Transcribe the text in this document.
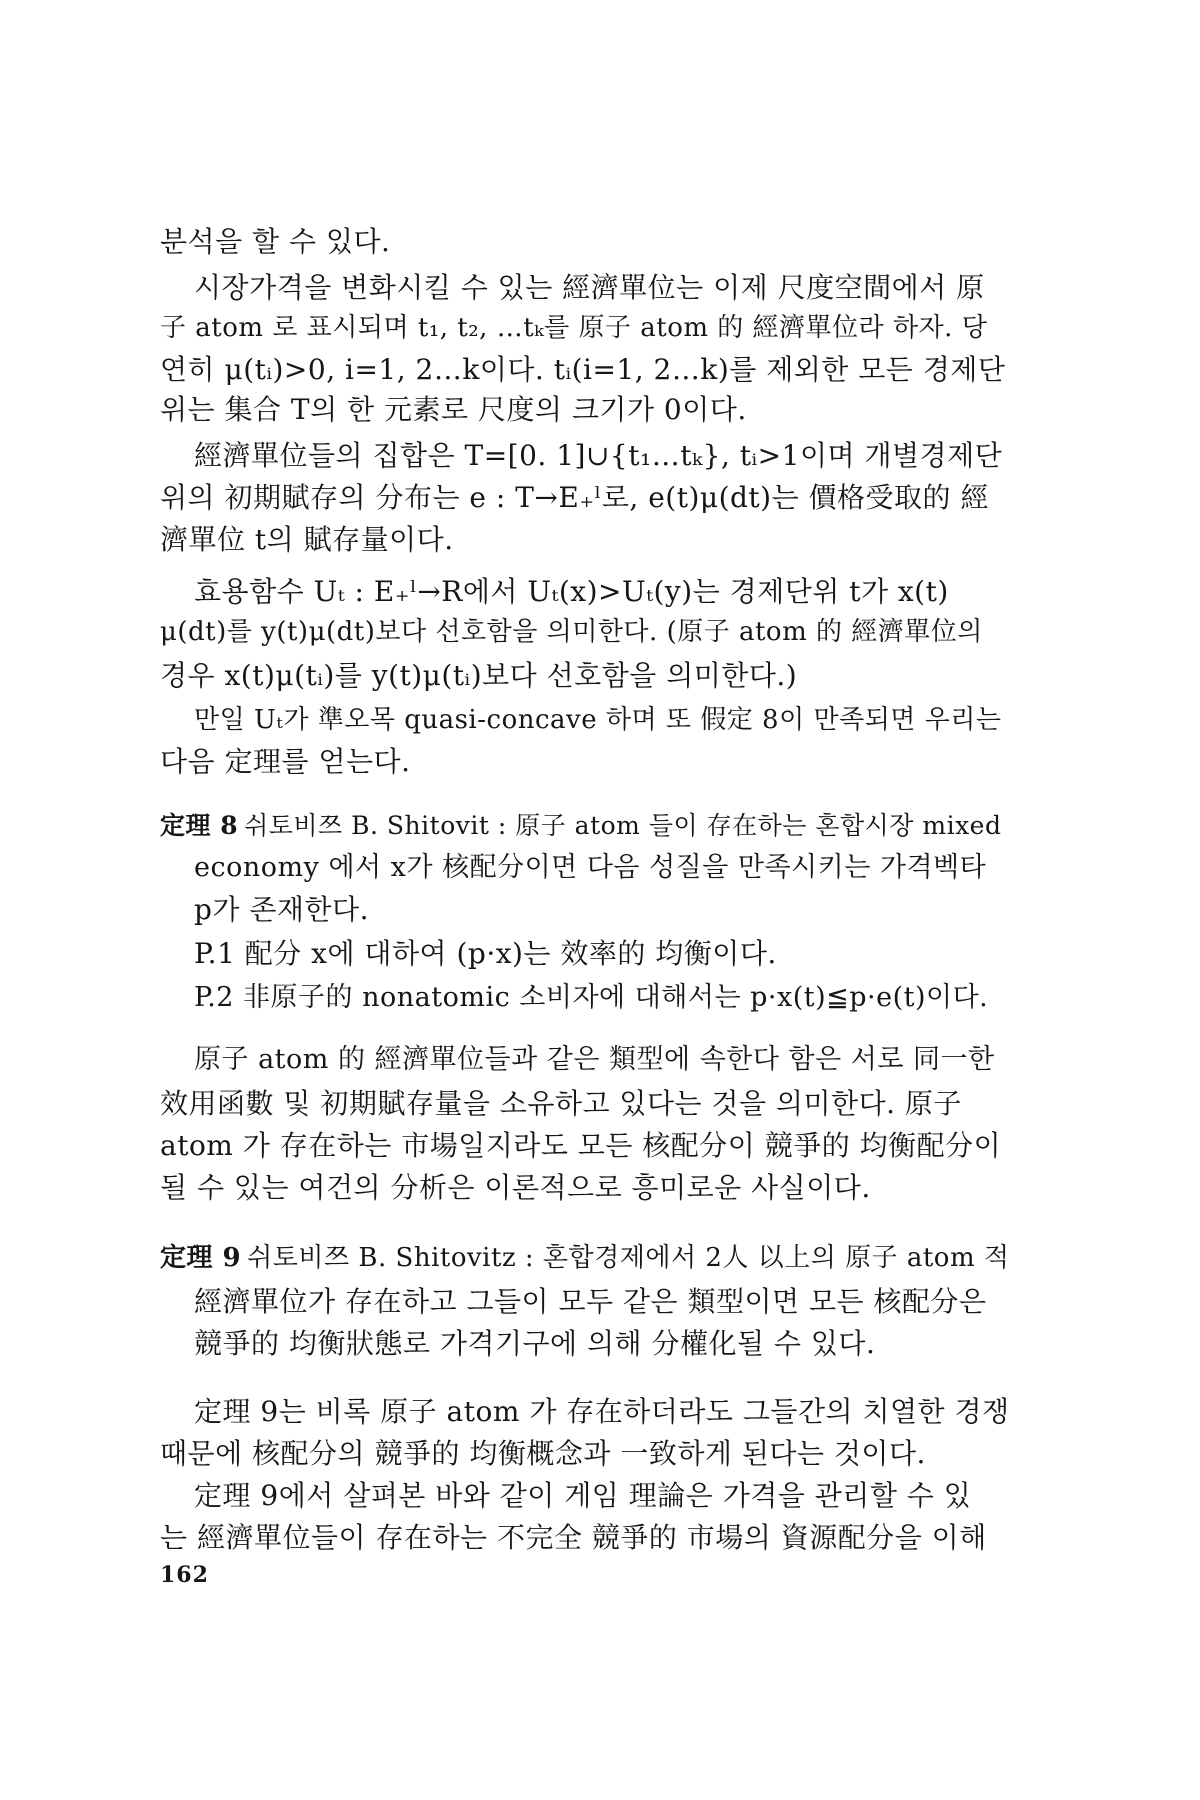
분석을 할 수 있다.
시장가격을 변화시킬 수 있는 經濟單位는 이제 尺度空間에서 原
子 atom 로 표시되며 t₁, t₂, …tₖ를 原子 atom 的 經濟單位라 하자. 당
연히 μ(tᵢ)>0, i=1, 2…k이다. tᵢ(i=1, 2…k)를 제외한 모든 경제단
위는 集合 T의 한 元素로 尺度의 크기가 0이다.
經濟單位들의 집합은 T=[0. 1]∪{t₁…tₖ}, tᵢ>1이며 개별경제단
위의 初期賦存의 分布는 e : T→E₊ˡ로, e(t)μ(dt)는 價格受取的 經
濟單位 t의 賦存量이다.
효용함수 Uₜ : E₊ˡ→R에서 Uₜ(x)>Uₜ(y)는 경제단위 t가 x(t)
μ(dt)를 y(t)μ(dt)보다 선호함을 의미한다. (原子 atom 的 經濟單位의
경우 x(t)μ(tᵢ)를 y(t)μ(tᵢ)보다 선호함을 의미한다.)
만일 Uₜ가 準오목 quasi-concave 하며 또 假定 8이 만족되면 우리는
다음 定理를 얻는다.
定理 8 쉬토비쯔 B. Shitovit : 原子 atom 들이 存在하는 혼합시장 mixed
economy 에서 x가 核配分이면 다음 성질을 만족시키는 가격벡타
p가 존재한다.
P.1 配分 x에 대하여 (p·x)는 效率的 均衡이다.
P.2 非原子的 nonatomic 소비자에 대해서는 p·x(t)≦p·e(t)이다.
原子 atom 的 經濟單位들과 같은 類型에 속한다 함은 서로 同一한
效用函數 및 初期賦存量을 소유하고 있다는 것을 의미한다. 原子
atom 가 存在하는 市場일지라도 모든 核配分이 競爭的 均衡配分이
될 수 있는 여건의 分析은 이론적으로 흥미로운 사실이다.
定理 9 쉬토비쯔 B. Shitovitz : 혼합경제에서 2人 以上의 原子 atom 적
經濟單位가 存在하고 그들이 모두 같은 類型이면 모든 核配分은
競爭的 均衡狀態로 가격기구에 의해 分權化될 수 있다.
定理 9는 비록 原子 atom 가 存在하더라도 그들간의 치열한 경쟁
때문에 核配分의 競爭的 均衡概念과 一致하게 된다는 것이다.
定理 9에서 살펴본 바와 같이 게임 理論은 가격을 관리할 수 있
는 經濟單位들이 存在하는 不完全 競爭的 市場의 資源配分을 이해
162
